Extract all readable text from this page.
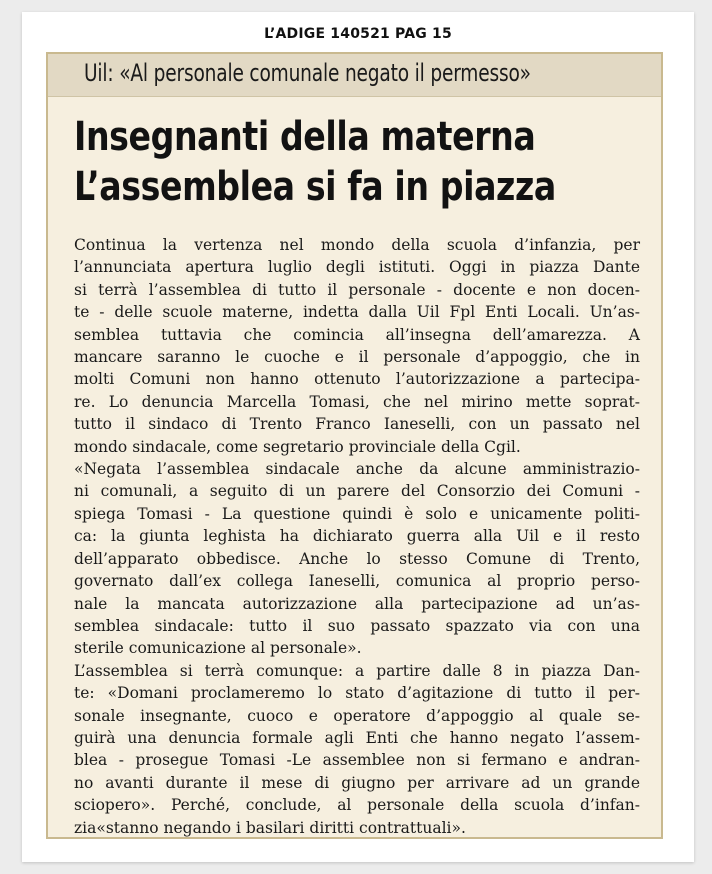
L’ADIGE 140521 PAG 15
Uil: «Al personale comunale negato il permesso»
Insegnanti della materna
L’assemblea si fa in piazza
Continua la vertenza nel mondo della scuola d’infanzia, per
l’annunciata apertura luglio degli istituti. Oggi in piazza Dante
si terrà l’assemblea di tutto il personale - docente e non docen-
te - delle scuole materne, indetta dalla Uil Fpl Enti Locali. Un’as-
semblea tuttavia che comincia all’insegna dell’amarezza. A
mancare saranno le cuoche e il personale d’appoggio, che in
molti Comuni non hanno ottenuto l’autorizzazione a partecipa-
re. Lo denuncia Marcella Tomasi, che nel mirino mette soprat-
tutto il sindaco di Trento Franco Ianeselli, con un passato nel
mondo sindacale, come segretario provinciale della Cgil.
«Negata l’assemblea sindacale anche da alcune amministrazio-
ni comunali, a seguito di un parere del Consorzio dei Comuni -
spiega Tomasi - La questione quindi è solo e unicamente politi-
ca: la giunta leghista ha dichiarato guerra alla Uil e il resto
dell’apparato obbedisce. Anche lo stesso Comune di Trento,
governato dall’ex collega Ianeselli, comunica al proprio perso-
nale la mancata autorizzazione alla partecipazione ad un’as-
semblea sindacale: tutto il suo passato spazzato via con una
sterile comunicazione al personale».
L’assemblea si terrà comunque: a partire dalle 8 in piazza Dan-
te: «Domani proclameremo lo stato d’agitazione di tutto il per-
sonale insegnante, cuoco e operatore d’appoggio al quale se-
guirà una denuncia formale agli Enti che hanno negato l’assem-
blea - prosegue Tomasi -Le assemblee non si fermano e andran-
no avanti durante il mese di giugno per arrivare ad un grande
sciopero». Perché, conclude, al personale della scuola d’infan-
zia«stanno negando i basilari diritti contrattuali».
